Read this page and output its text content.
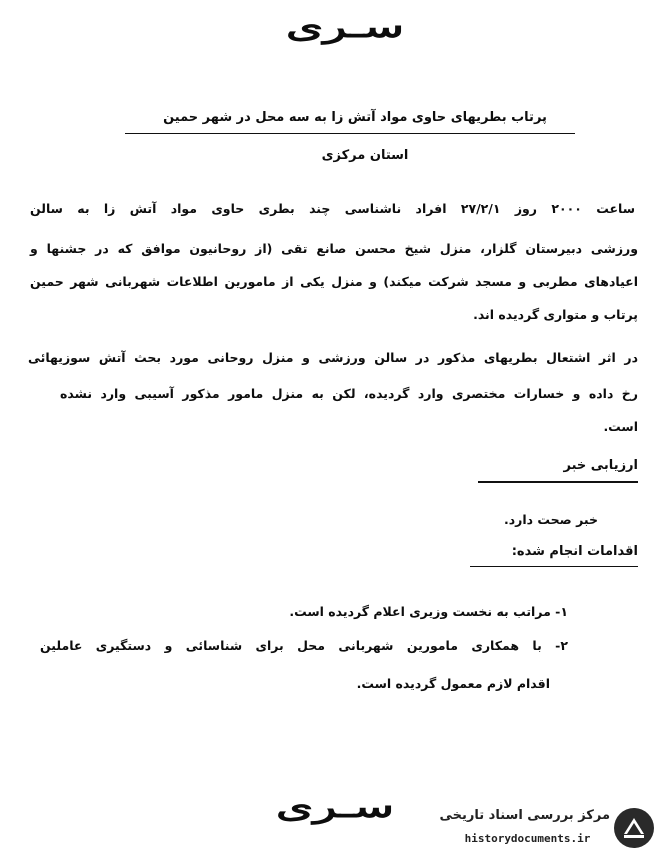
سـرى
پرتاب بطریهای حاوی مواد آتش زا به سه محل در شهر حمین
استان مرکزی
ساعت ۲۰۰۰ روز ۲۷/۲/۱ افراد ناشناسی چند بطری حاوی مواد آتش زا به سالن
ورزشی دبیرستان گلزار، منزل شیخ محسن صانع تقی (از روحانیون موافق که در جشنها و
اعیادهای مطربی و مسجد شرکت میکند) و منزل یکی از مامورین اطلاعات شهربانی شهر حمین
پرتاب و متواری گردیده اند.
در اثر اشتعال بطریهای مذکور در سالن ورزشی و منزل روحانی مورد بحث آتش سوزیهائی
رخ داده و خسارات مختصری وارد گردیده، لکن به منزل مامور مذکور آسیبی وارد نشده
است.
ارزیابی خبر
خبر صحت دارد.
اقدامات انجام شده:
۱- مراتب به نخست وزیری اعلام گردیده است.
۲- با همکاری مامورین شهربانی محل برای شناسائی و دستگیری عاملین
اقدام لازم معمول گردیده است.
سـرى	مرکز بررسی اسناد تاریخی
historydocuments.ir
